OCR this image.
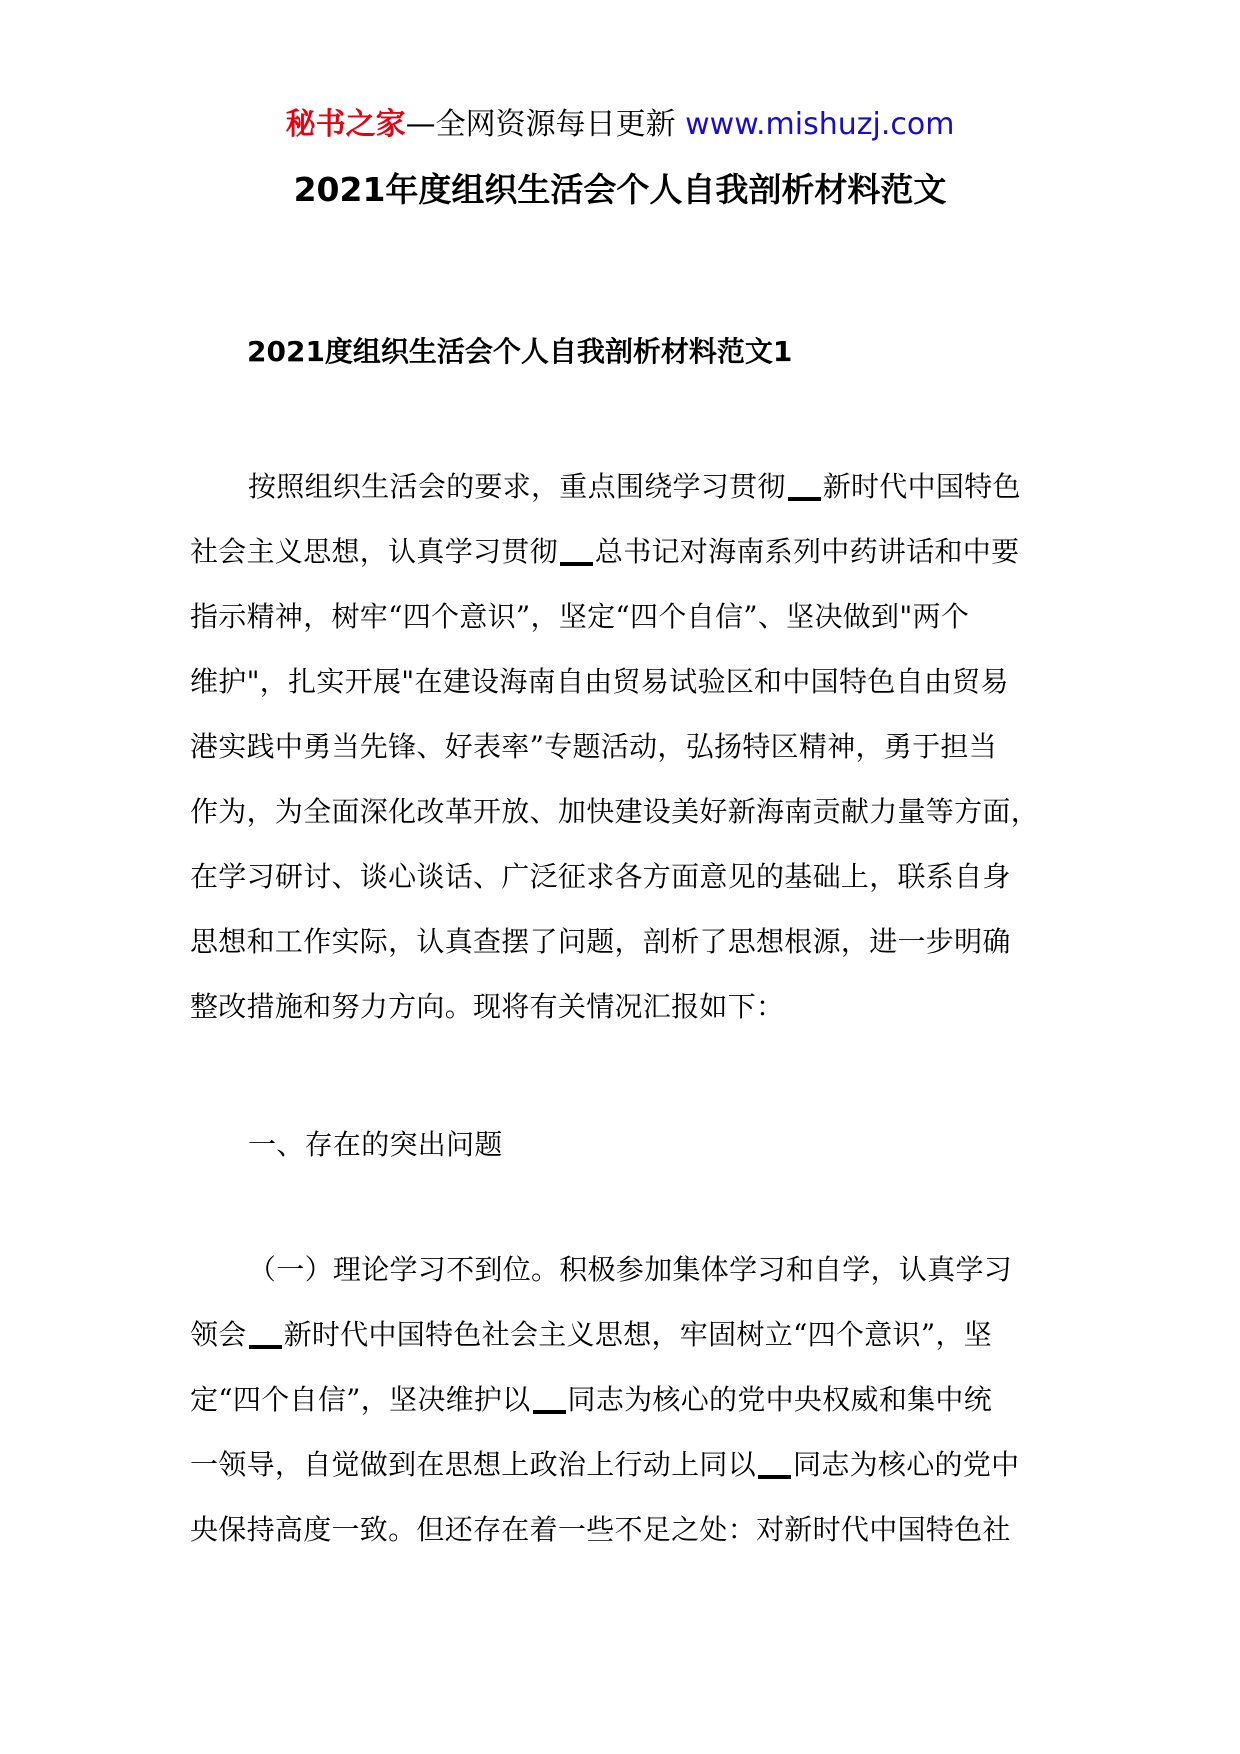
秘书之家—全网资源每日更新 www.mishuzj.com
2021年度组织生活会个人自我剖析材料范文
2021度组织生活会个人自我剖析材料范文1

按照组织生活会的要求，重点围绕学习贯彻 新时代中国特色
社会主义思想，认真学习贯彻 总书记对海南系列中药讲话和中要
指示精神，树牢“四个意识”，坚定“四个自信”、坚决做到"两个
维护"，扎实开展"在建设海南自由贸易试验区和中国特色自由贸易
港实践中勇当先锋、好表率”专题活动，弘扬特区精神，勇于担当
作为，为全面深化改革开放、加快建设美好新海南贡献力量等方面，
在学习研讨、谈心谈话、广泛征求各方面意见的基础上，联系自身
思想和工作实际，认真查摆了问题，剖析了思想根源，进一步明确
整改措施和努力方向。现将有关情况汇报如下：

一、存在的突出问题

（一）理论学习不到位。积极参加集体学习和自学，认真学习
领会 新时代中国特色社会主义思想，牢固树立“四个意识”，坚
定“四个自信”，坚决维护以 同志为核心的党中央权威和集中统
一领导，自觉做到在思想上政治上行动上同以 同志为核心的党中
央保持高度一致。但还存在着一些不足之处：对新时代中国特色社
